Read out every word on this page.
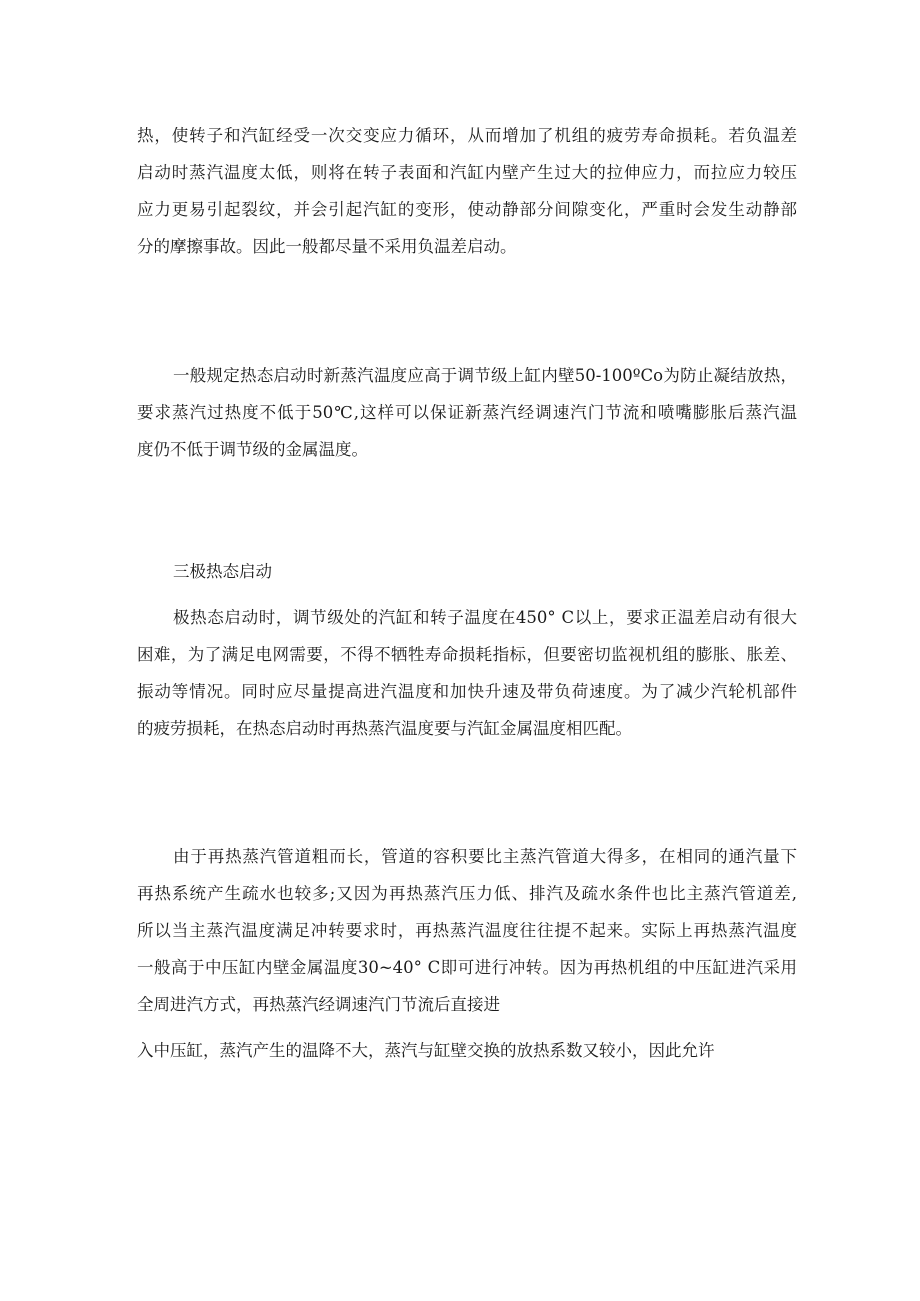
热，使转子和汽缸经受一次交变应力循环，从而增加了机组的疲劳寿命损耗。若负温差
启动时蒸汽温度太低，则将在转子表面和汽缸内壁产生过大的拉伸应力，而拉应力较压
应力更易引起裂纹，并会引起汽缸的变形，使动静部分间隙变化，严重时会发生动静部
分的摩擦事故。因此一般都尽量不采用负温差启动。
一般规定热态启动时新蒸汽温度应高于调节级上缸内壁50-100ºCo为防止凝结放热，
要求蒸汽过热度不低于50℃,这样可以保证新蒸汽经调速汽门节流和喷嘴膨胀后蒸汽温
度仍不低于调节级的金属温度。
三极热态启动
极热态启动时，调节级处的汽缸和转子温度在450° C以上，要求正温差启动有很大
困难，为了满足电网需要，不得不牺牲寿命损耗指标，但要密切监视机组的膨胀、胀差、
振动等情况。同时应尽量提高进汽温度和加快升速及带负荷速度。为了减少汽轮机部件
的疲劳损耗，在热态启动时再热蒸汽温度要与汽缸金属温度相匹配。
由于再热蒸汽管道粗而长，管道的容积要比主蒸汽管道大得多，在相同的通汽量下
再热系统产生疏水也较多;又因为再热蒸汽压力低、排汽及疏水条件也比主蒸汽管道差,
所以当主蒸汽温度满足冲转要求时，再热蒸汽温度往往提不起来。实际上再热蒸汽温度
一般高于中压缸内壁金属温度30~40° C即可进行冲转。因为再热机组的中压缸进汽采用
全周进汽方式，再热蒸汽经调速汽门节流后直接进
入中压缸，蒸汽产生的温降不大，蒸汽与缸壁交换的放热系数又较小，因此允许
